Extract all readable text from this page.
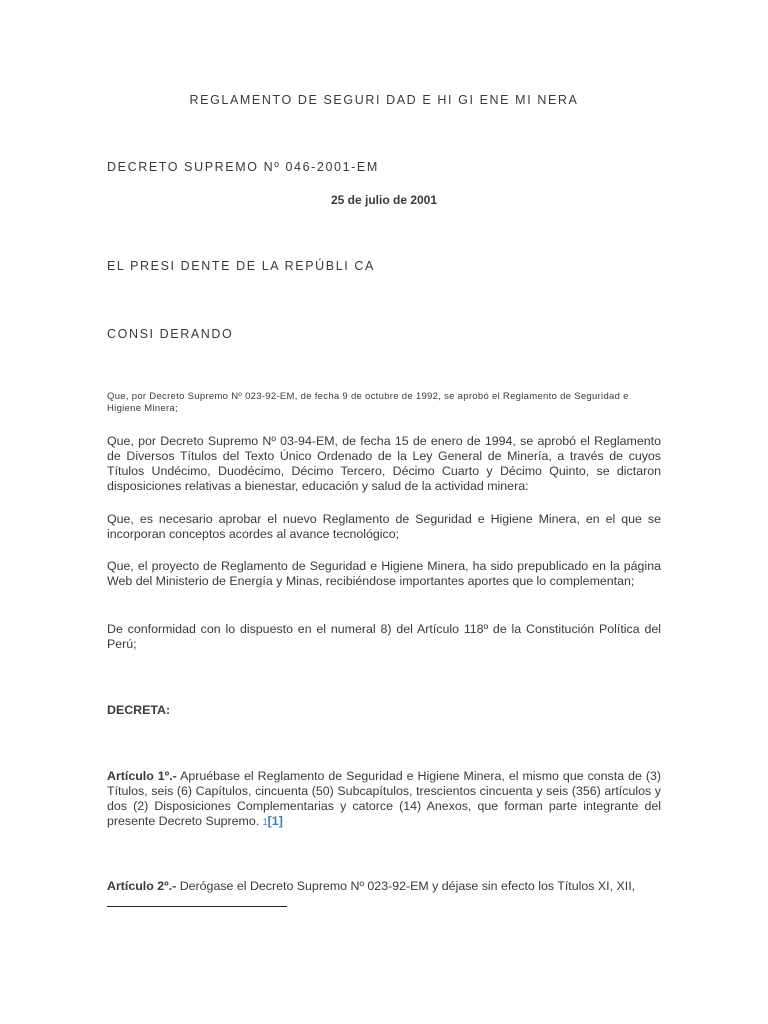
REGLAMENTO DE SEGURI DAD E HI GI ENE MI NERA

DECRETO SUPREMO Nº 046-2001-EM

25 de julio de 2001

EL PRESI DENTE DE LA REPÚBLI CA

CONSI DERANDO

Que, por Decreto Supremo Nº 023-92-EM, de fecha 9 de octubre de 1992, se aprobó el Reglamento de Seguridad e Higiene Minera;

Que, por Decreto Supremo Nº 03-94-EM, de fecha 15 de enero de 1994, se aprobó el Reglamento de Diversos Títulos del Texto Único Ordenado de la Ley General de Minería, a través de cuyos Títulos Undécimo, Duodécimo, Décimo Tercero, Décimo Cuarto y Décimo Quinto, se dictaron disposiciones relativas a bienestar, educación y salud de la actividad minera:

Que, es necesario aprobar el nuevo Reglamento de Seguridad e Higiene Minera, en el que se incorporan conceptos acordes al avance tecnológico;

Que, el proyecto de Reglamento de Seguridad e Higiene Minera, ha sido prepublicado en la página Web del Ministerio de Energía y Minas, recibiéndose importantes aportes que lo complementan;

De conformidad con lo dispuesto en el numeral 8) del Artículo 118º de la Constitución Política del Perú;

DECRETA:

Artículo 1º.- Apruébase el Reglamento de Seguridad e Higiene Minera, el mismo que consta de (3) Títulos, seis (6) Capítulos, cincuenta (50) Subcapítulos, trescientos cincuenta y seis (356) artículos y dos (2) Disposiciones Complementarias y catorce (14) Anexos, que forman parte integrante del presente Decreto Supremo. 1[1]

Artículo 2º.- Derógase el Decreto Supremo Nº 023-92-EM y déjase sin efecto los Títulos XI, XII,
